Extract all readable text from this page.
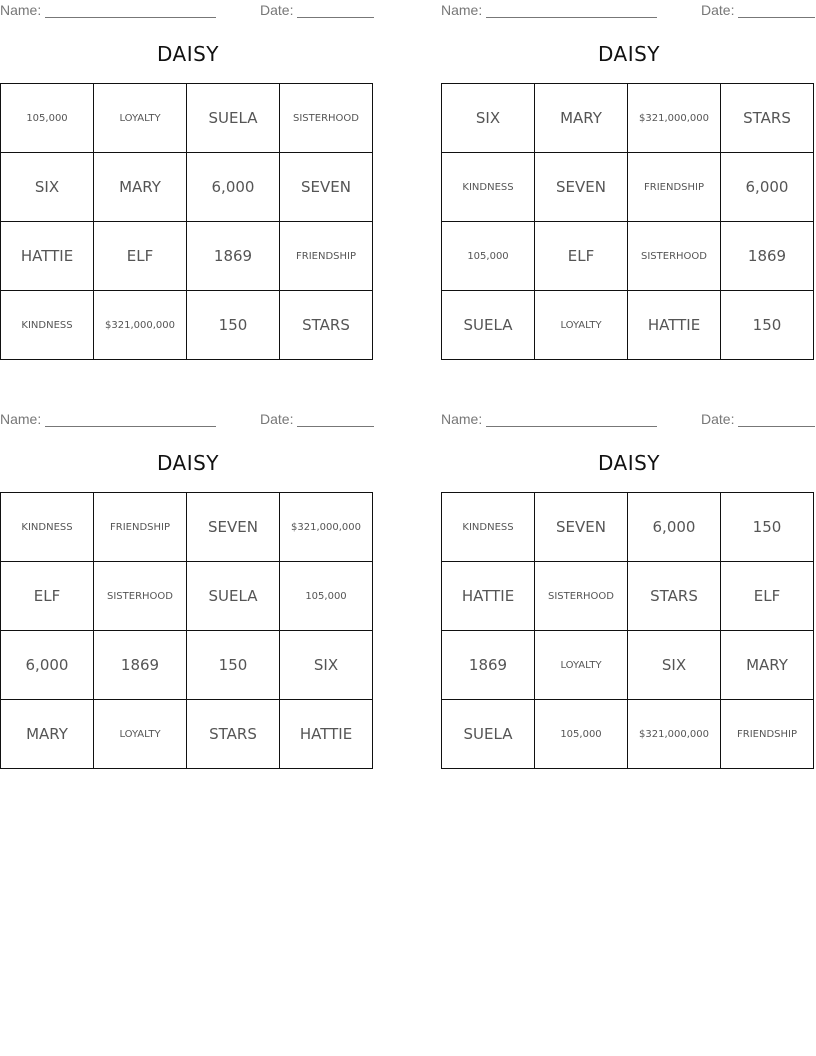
Name:	Date:
DAISY
105,000	LOYALTY	SUELA	SISTERHOOD
SIX	MARY	6,000	SEVEN
HATTIE	ELF	1869	FRIENDSHIP
KINDNESS	$321,000,000	150	STARS
Name:	Date:
DAISY
SIX	MARY	$321,000,000	STARS
KINDNESS	SEVEN	FRIENDSHIP	6,000
105,000	ELF	SISTERHOOD	1869
SUELA	LOYALTY	HATTIE	150
Name:	Date:
DAISY
KINDNESS	FRIENDSHIP	SEVEN	$321,000,000
ELF	SISTERHOOD	SUELA	105,000
6,000	1869	150	SIX
MARY	LOYALTY	STARS	HATTIE
Name:	Date:
DAISY
KINDNESS	SEVEN	6,000	150
HATTIE	SISTERHOOD	STARS	ELF
1869	LOYALTY	SIX	MARY
SUELA	105,000	$321,000,000	FRIENDSHIP
